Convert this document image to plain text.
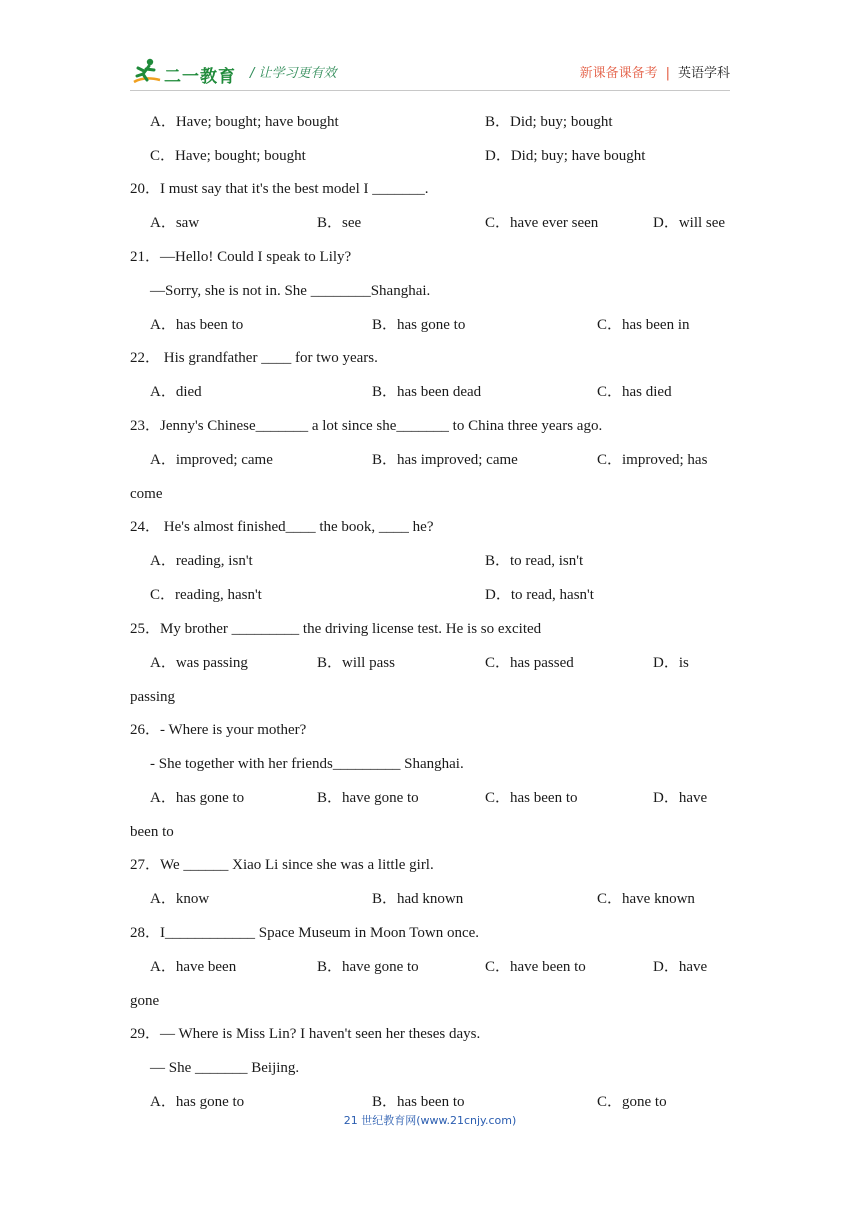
二一教育 / 让学习更有效	新课备课备考 | 英语学科
A．Have; bought; have bought	B．Did; buy; bought
C．Have; bought; bought	D．Did; buy; have bought
20．I must say that it's the best model I _______.
A．saw	B．see	C．have ever seen	D．will see
21．—Hello! Could I speak to Lily?
—Sorry, she is not in. She ________Shanghai.
A．has been to	B．has gone to	C．has been in
22． His grandfather ____ for two years.
A．died	B．has been dead	C．has died
23．Jenny's Chinese_______ a lot since she_______ to China three years ago.
A．improved; came	B．has improved; came	C．improved; has
come
24． He's almost finished____ the book, ____ he?
A．reading, isn't	B．to read, isn't
C．reading, hasn't	D．to read, hasn't
25．My brother _________ the driving license test. He is so excited
A．was passing	B．will pass	C．has passed	D．is
passing
26．- Where is your mother?
- She together with her friends_________ Shanghai.
A．has gone to	B．have gone to	C．has been to	D．have
been to
27．We ______ Xiao Li since she was a little girl.
A．know	B．had known	C．have known
28．I____________ Space Museum in Moon Town once.
A．have been	B．have gone to	C．have been to	D．have
gone
29．— Where is Miss Lin? I haven't seen her theses days.
— She _______ Beijing.
A．has gone to	B．has been to	C．gone to
21 世纪教育网(www.21cnjy.com)
